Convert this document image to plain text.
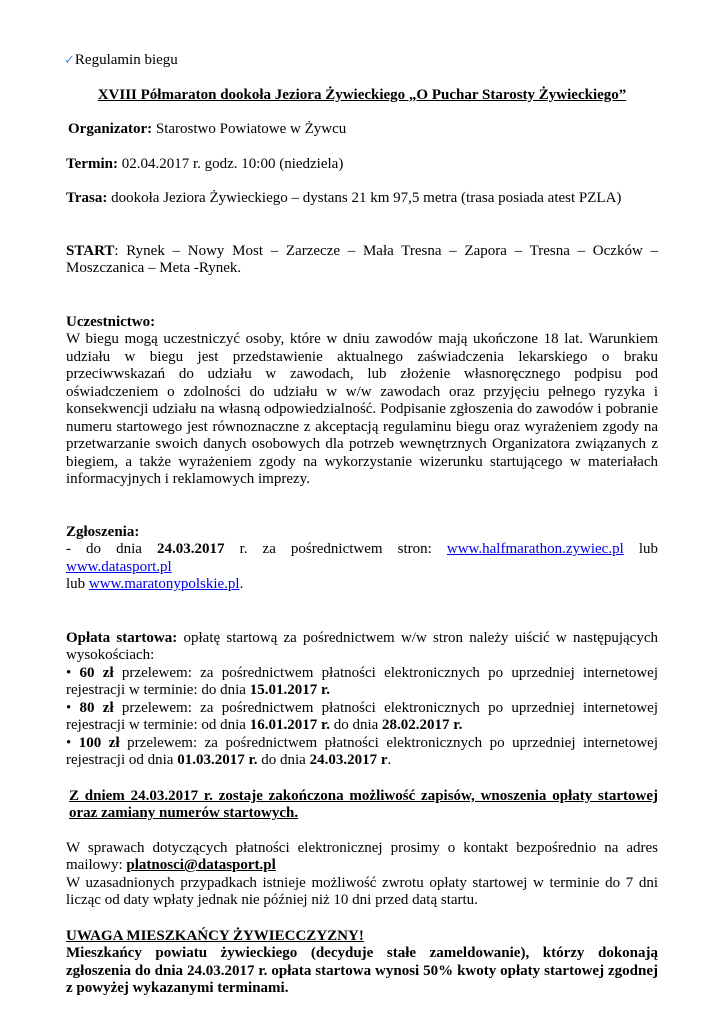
✓Regulamin biegu

XVIII Półmaraton dookoła Jeziora Żywieckiego „O Puchar Starosty Żywieckiego”

Organizator: Starostwo Powiatowe w Żywcu

Termin: 02.04.2017 r. godz. 10:00 (niedziela)

Trasa: dookoła Jeziora Żywieckiego – dystans 21 km 97,5 metra (trasa posiada atest PZLA)

START: Rynek – Nowy Most – Zarzecze – Mała Tresna – Zapora – Tresna – Oczków – Moszczanica – Meta -Rynek.

Uczestnictwo:

W biegu mogą uczestniczyć osoby, które w dniu zawodów mają ukończone 18 lat. Warunkiem udziału w biegu jest przedstawienie aktualnego zaświadczenia lekarskiego o braku przeciwwskazań do udziału w zawodach, lub złożenie własnoręcznego podpisu pod oświadczeniem o zdolności do udziału w w/w zawodach oraz przyjęciu pełnego ryzyka i konsekwencji udziału na własną odpowiedzialność. Podpisanie zgłoszenia do zawodów i pobranie numeru startowego jest równoznaczne z akceptacją regulaminu biegu oraz wyrażeniem zgody na przetwarzanie swoich danych osobowych dla potrzeb wewnętrznych Organizatora związanych z biegiem, a także wyrażeniem zgody na wykorzystanie wizerunku startującego w materiałach informacyjnych i reklamowych imprezy.

Zgłoszenia:

- do dnia 24.03.2017 r. za pośrednictwem stron: www.halfmarathon.zywiec.pl lub www.datasport.pl
lub www.maratonypolskie.pl.

Opłata startowa: opłatę startową za pośrednictwem w/w stron należy uiścić w następujących wysokościach:

• 60 zł przelewem: za pośrednictwem płatności elektronicznych po uprzedniej internetowej rejestracji w terminie: do dnia 15.01.2017 r.

• 80 zł przelewem: za pośrednictwem płatności elektronicznych po uprzedniej internetowej rejestracji w terminie: od dnia 16.01.2017 r. do dnia 28.02.2017 r.

• 100 zł przelewem: za pośrednictwem płatności elektronicznych po uprzedniej internetowej rejestracji od dnia 01.03.2017 r. do dnia 24.03.2017 r.

Z dniem 24.03.2017 r. zostaje zakończona możliwość zapisów, wnoszenia opłaty startowej oraz zamiany numerów startowych.

W sprawach dotyczących płatności elektronicznej prosimy o kontakt bezpośrednio na adres mailowy: platnosci@datasport.pl

W uzasadnionych przypadkach istnieje możliwość zwrotu opłaty startowej w terminie do 7 dni licząc od daty wpłaty jednak nie później niż 10 dni przed datą startu.

UWAGA MIESZKAŃCY ŻYWIECCZYZNY!

Mieszkańcy powiatu żywieckiego (decyduje stałe zameldowanie), którzy dokonają zgłoszenia do dnia 24.03.2017 r. opłata startowa wynosi 50% kwoty opłaty startowej zgodnej z powyżej wykazanymi terminami.
